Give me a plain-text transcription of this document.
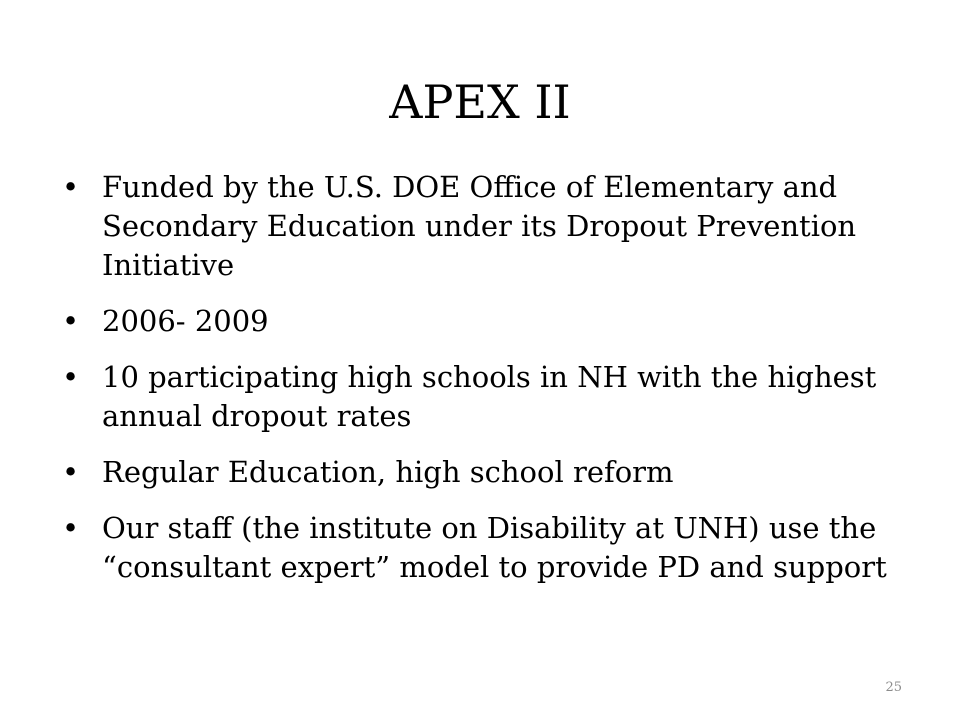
APEX II
• Funded by the U.S. DOE Office of Elementary and Secondary Education under its Dropout Prevention Initiative
• 2006- 2009
• 10 participating high schools in NH with the highest annual dropout rates
• Regular Education, high school reform
• Our staff (the institute on Disability at UNH) use the “consultant expert” model to provide PD and support
25
